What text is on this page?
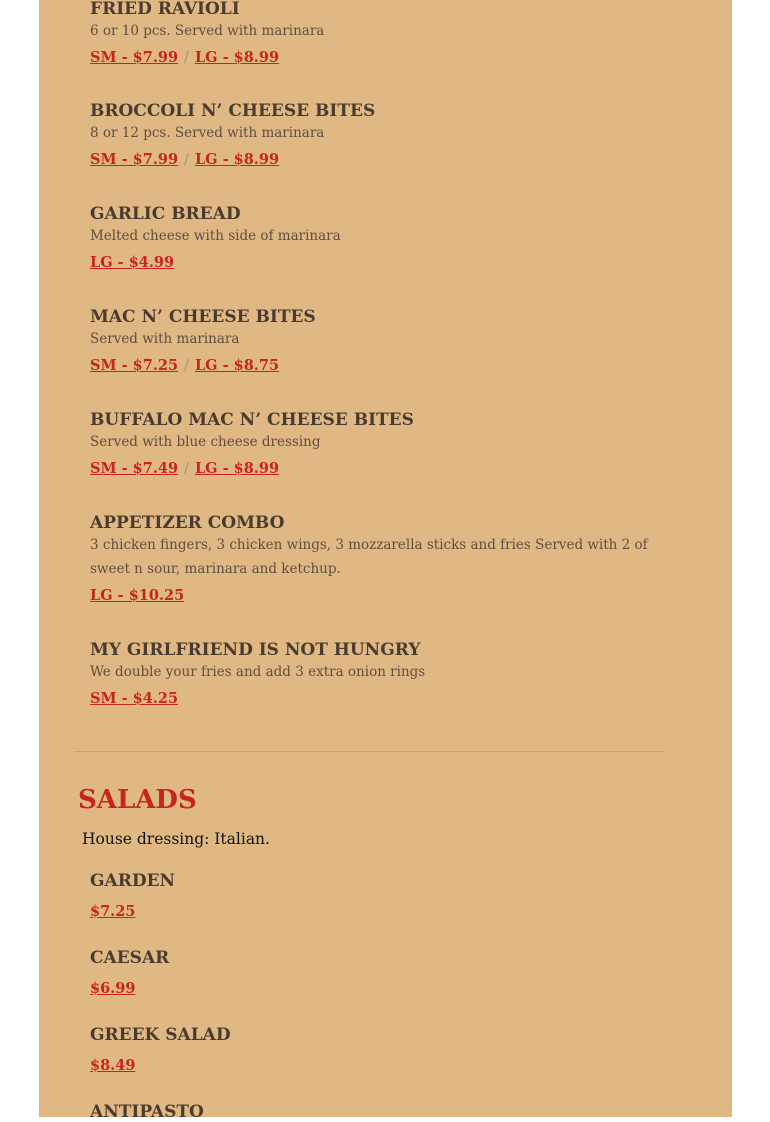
FRIED RAVIOLI
6 or 10 pcs. Served with marinara
SM - $7.99 / LG - $8.99
BROCCOLI N’ CHEESE BITES
8 or 12 pcs. Served with marinara
SM - $7.99 / LG - $8.99
GARLIC BREAD
Melted cheese with side of marinara
LG - $4.99
MAC N’ CHEESE BITES
Served with marinara
SM - $7.25 / LG - $8.75
BUFFALO MAC N’ CHEESE BITES
Served with blue cheese dressing
SM - $7.49 / LG - $8.99
APPETIZER COMBO
3 chicken fingers, 3 chicken wings, 3 mozzarella sticks and fries Served with 2 of sweet n sour, marinara and ketchup.
LG - $10.25
MY GIRLFRIEND IS NOT HUNGRY
We double your fries and add 3 extra onion rings
SM - $4.25
SALADS
House dressing: Italian.
GARDEN
$7.25
CAESAR
$6.99
GREEK SALAD
$8.49
ANTIPASTO
